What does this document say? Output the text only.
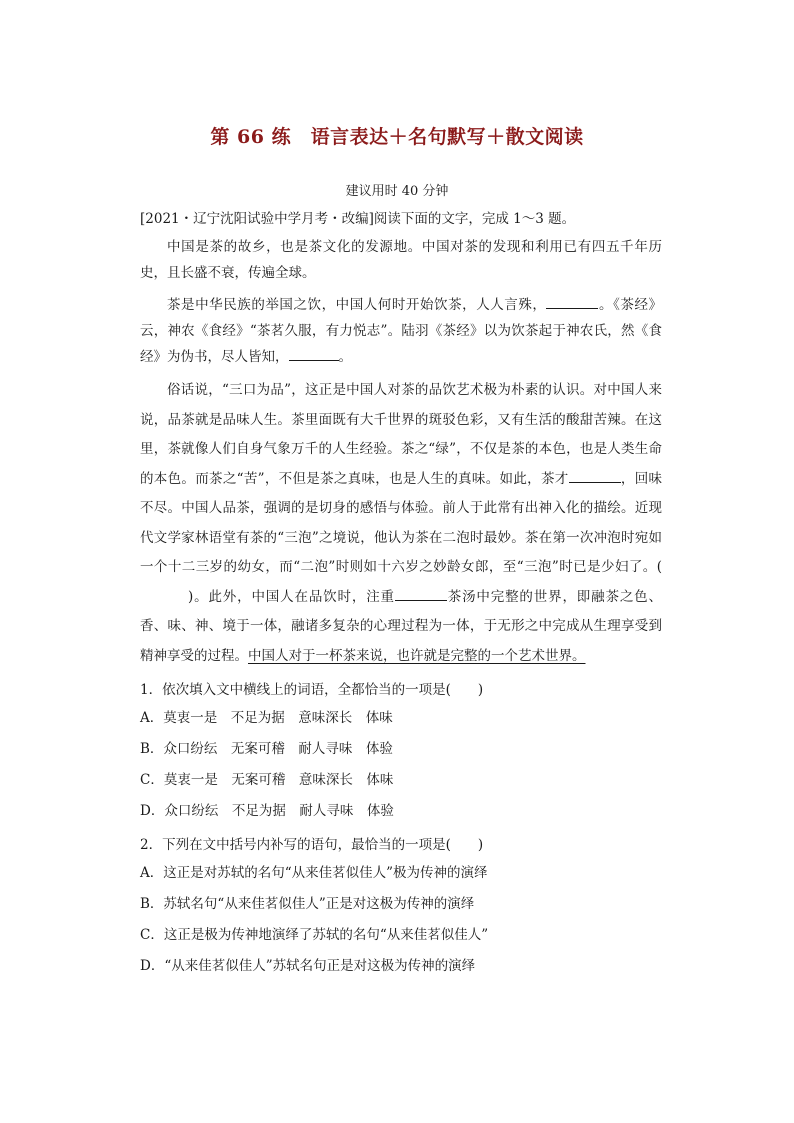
第 66 练　语言表达＋名句默写＋散文阅读
建议用时 40 分钟
[2021・辽宁沈阳试验中学月考・改编]阅读下面的文字，完成 1～3 题。

中国是茶的故乡，也是茶文化的发源地。中国对茶的发现和利用已有四五千年历史，且长盛不衰，传遍全球。

茶是中华民族的举国之饮，中国人何时开始饮茶，人人言殊，	。《茶经》云，神农《食经》“茶茗久服，有力悦志”。陆羽《茶经》以为饮茶起于神农氏，然《食经》为伪书，尽人皆知，	。

俗话说，“三口为品”，这正是中国人对茶的品饮艺术极为朴素的认识。对中国人来说，品茶就是品味人生。茶里面既有大千世界的斑驳色彩，又有生活的酸甜苦辣。在这里，茶就像人们自身气象万千的人生经验。茶之“绿”，不仅是茶的本色，也是人类生命的本色。而茶之“苦”，不但是茶之真味，也是人生的真味。如此，茶才	，回味不尽。中国人品茶，强调的是切身的感悟与体验。前人于此常有出神入化的描绘。近现代文学家林语堂有茶的“三泡”之境说，他认为茶在二泡时最妙。茶在第一次冲泡时宛如一个十二三岁的幼女，而“二泡”时则如十六岁之妙龄女郎，至“三泡”时已是少妇了。()。此外，中国人在品饮时，注重	茶汤中完整的世界，即融茶之色、香、味、神、境于一体，融诸多复杂的心理过程为一体，于无形之中完成从生理享受到精神享受的过程。中国人对于一杯茶来说，也许就是完整的一个艺术世界。

1．依次填入文中横线上的词语，全都恰当的一项是(　　)
A．莫衷一是　不足为据　意味深长　体味
B．众口纷纭　无案可稽　耐人寻味　体验
C．莫衷一是　无案可稽　意味深长　体味
D．众口纷纭　不足为据　耐人寻味　体验
2．下列在文中括号内补写的语句，最恰当的一项是(　　)
A．这正是对苏轼的名句“从来佳茗似佳人”极为传神的演绎
B．苏轼名句“从来佳茗似佳人”正是对这极为传神的演绎
C．这正是极为传神地演绎了苏轼的名句“从来佳茗似佳人”
D．“从来佳茗似佳人”苏轼名句正是对这极为传神的演绎
